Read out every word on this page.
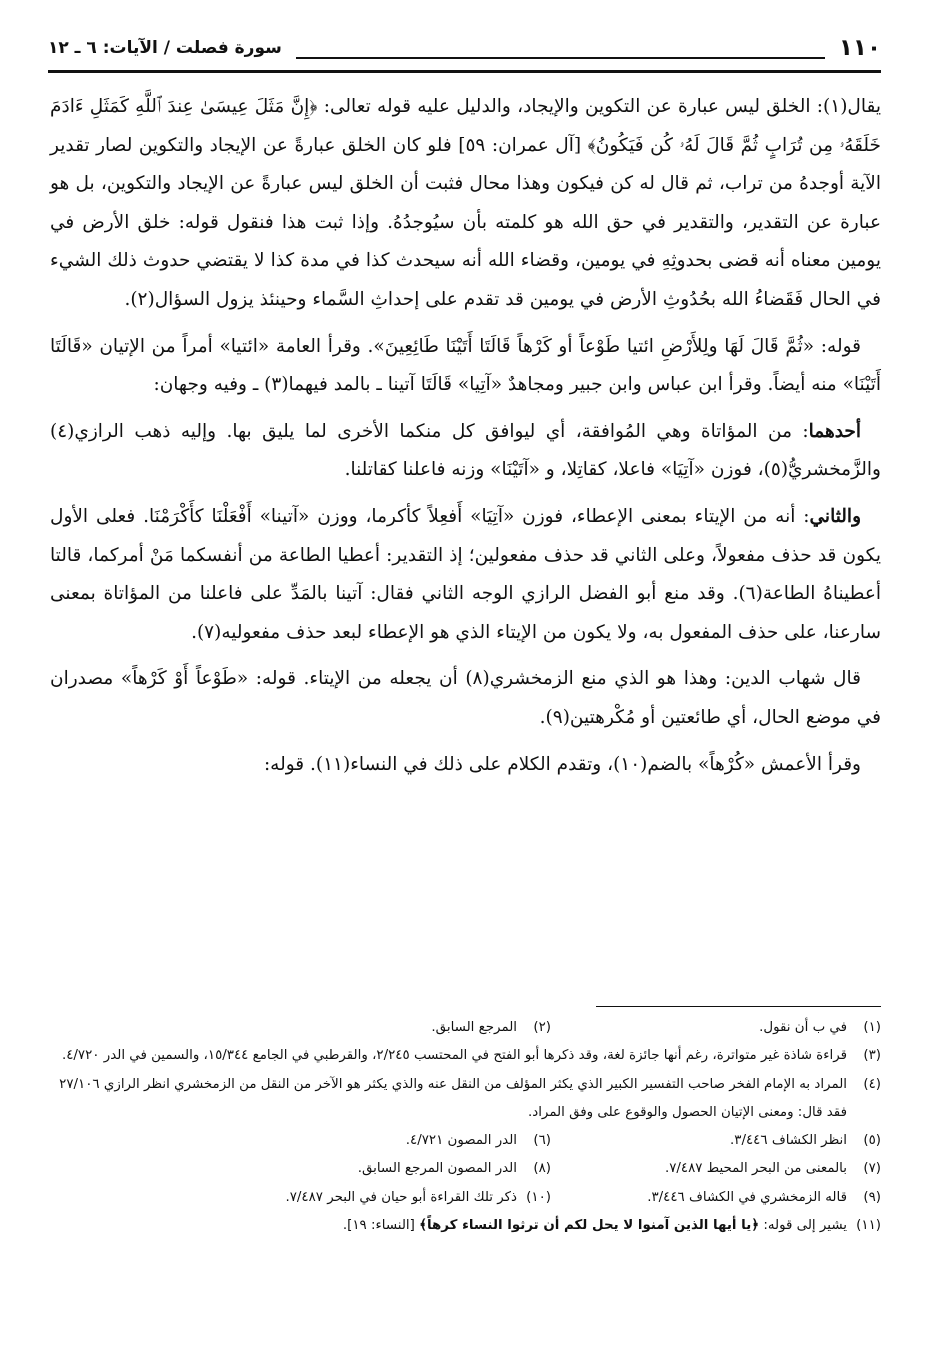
١١٠
سورة فصلت / الآيات: ٦ ـ ١٢

يقال(١): الخلق ليس عبارة عن التكوين والإيجاد، والدليل عليه قوله تعالى: ﴿إِنَّ مَثَلَ عِيسَىٰ عِندَ ٱللَّهِ كَمَثَلِ ءَادَمَ خَلَقَهُۥ مِن تُرَابٍ ثُمَّ قَالَ لَهُۥ كُن فَيَكُونُ﴾ [آل عمران: ٥٩] فلو كان الخلق عبارةً عن الإيجاد والتكوين لصار تقدير الآية أوجدهُ من تراب، ثم قال له كن فيكون وهذا محال فثبت أن الخلق ليس عبارةً عن الإيجاد والتكوين، بل هو عبارة عن التقدير، والتقدير في حق الله هو كلمته بأن سيُوجدُهُ. وإذا ثبت هذا فنقول قوله: خلق الأرض في يومين معناه أنه قضى بحدوثِهِ في يومين، وقضاء الله أنه سيحدث كذا في مدة كذا لا يقتضي حدوث ذلك الشيء في الحال فَقَضاءُ الله بحُدُوثِ الأرض في يومين قد تقدم على إحداثِ السَّماء وحينئذ يزول السؤال(٢).

قوله: «ثُمَّ قَالَ لَهَا ولِلأَرْضِ ائتيا طَوْعاً أو كَرْهاً قَالَتَا أَتَيْنَا طَائِعِينَ». وقرأ العامة «ائتيا» أمراً من الإتيان «قَالَتَا أَتَيْنَا» منه أيضاً. وقرأ ابن عباس وابن جبير ومجاهدٌ «آتِيا» قَالَتَا آتينا ـ بالمد فيهما(٣) ـ وفيه وجهان:

أحدهما: من المؤاتاة وهي المُوافقة، أي ليوافق كل منكما الأخرى لما يليق بها. وإليه ذهب الرازي(٤) والزَّمخشريُّ(٥)، فوزن «آتِيَا» فاعلا، كقاتِلا، و «آتَيْنَا» وزنه فاعلنا كقاتلنا.

والثاني: أنه من الإيتاء بمعنى الإعطاء، فوزن «آتِيَا» أَفعِلاً كأكرما، ووزن «آتينا» أَفْعَلْنَا كأَكْرَمْنَا. فعلى الأول يكون قد حذف مفعولاً، وعلى الثاني قد حذف مفعولين؛ إذ التقدير: أعطيا الطاعة من أنفسكما مَنْ أمركما، قالتا أعطيناهُ الطاعة(٦). وقد منع أبو الفضل الرازي الوجه الثاني فقال: آتينا بالمَدِّ على فاعلنا من المؤاتاة بمعنى سارعنا، على حذف المفعول به، ولا يكون من الإيتاء الذي هو الإعطاء لبعد حذف مفعوليه(٧).

قال شهاب الدين: وهذا هو الذي منع الزمخشري(٨) أن يجعله من الإيتاء. قوله: «طَوْعاً أَوْ كَرْهاً» مصدران في موضع الحال، أي طائعتين أو مُكْرهتين(٩).

وقرأ الأعمش «كُرْهاً» بالضم(١٠)، وتقدم الكلام على ذلك في النساء(١١). قوله:

(١)
في ب أن نقول.
(٢)
المرجع السابق.
(٣)قراءة شاذة غير متواترة، رغم أنها جائزة لغة، وقد ذكرها أبو الفتح في المحتسب ٢/٢٤٥، والقرطبي في الجامع ١٥/٣٤٤، والسمين في الدر ٤/٧٢٠.
(٤)المراد به الإمام الفخر صاحب التفسير الكبير الذي يكثر المؤلف من النقل عنه والذي يكثر هو الآخر من النقل من الزمخشري انظر الرازي ٢٧/١٠٦ فقد قال: ومعنى الإتيان الحصول والوقوع على وفق المراد.
(٥)
انظر الكشاف ٣/٤٤٦.
(٦)
الدر المصون ٤/٧٢١.
(٧)
بالمعنى من البحر المحيط ٧/٤٨٧.
(٨)
الدر المصون المرجع السابق.
(٩)
قاله الزمخشري في الكشاف ٣/٤٤٦.
(١٠)
ذكر تلك القراءة أبو حيان في البحر ٧/٤٨٧.
(١١)
يشير إلى قوله: ﴿يا أيها الذين آمنوا لا يحل لكم أن ترثوا النساء كرهاً﴾ [النساء: ١٩].
